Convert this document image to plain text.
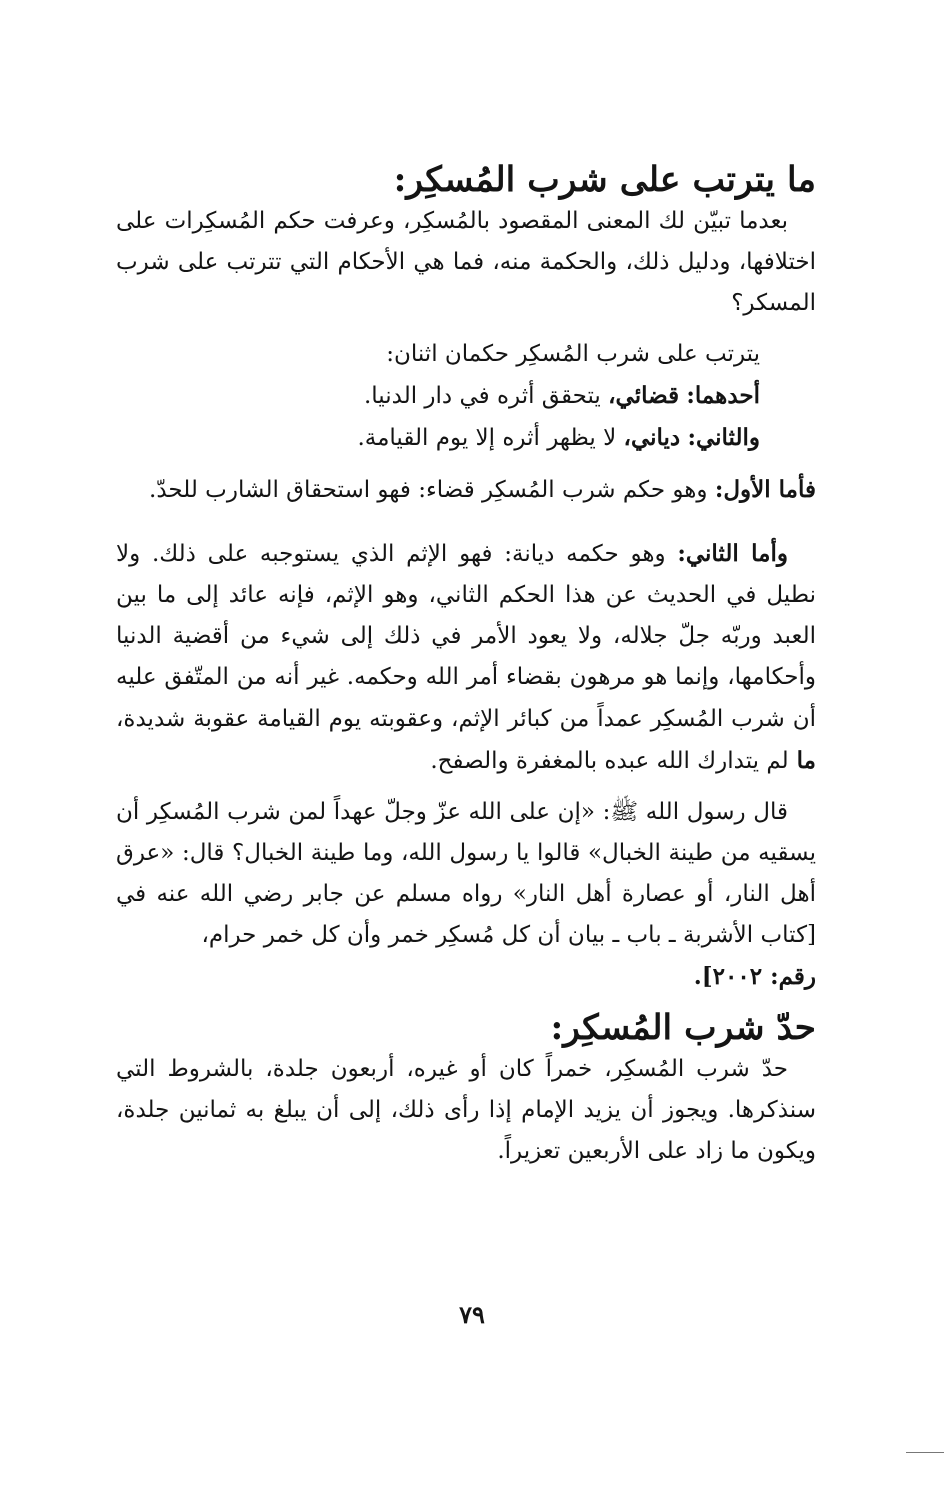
ما يترتب على شرب المُسكِر:

بعدما تبيّن لك المعنى المقصود بالمُسكِر، وعرفت حكم المُسكِرات على اختلافها، ودليل ذلك، والحكمة منه، فما هي الأحكام التي تترتب على شرب المسكر؟

يترتب على شرب المُسكِر حكمان اثنان:

أحدهما: قضائي، يتحقق أثره في دار الدنيا.

والثاني: دياني، لا يظهر أثره إلا يوم القيامة.

فأما الأول: وهو حكم شرب المُسكِر قضاء: فهو استحقاق الشارب للحدّ.

وأما الثاني: وهو حكمه ديانة: فهو الإثم الذي يستوجبه على ذلك. ولا نطيل في الحديث عن هذا الحكم الثاني، وهو الإثم، فإنه عائد إلى ما بين العبد وربّه جلّ جلاله، ولا يعود الأمر في ذلك إلى شيء من أقضية الدنيا وأحكامها، وإنما هو مرهون بقضاء أمر الله وحكمه. غير أنه من المتّفق عليه أن شرب المُسكِر عمداً من كبائر الإثم، وعقوبته يوم القيامة عقوبة شديدة، ما لم يتدارك الله عبده بالمغفرة والصفح.

قال رسول الله ﷺ: «إن على الله عزّ وجلّ عهداً لمن شرب المُسكِر أن يسقيه من طينة الخبال» قالوا يا رسول الله، وما طينة الخبال؟ قال: «عرق أهل النار، أو عصارة أهل النار» رواه مسلم عن جابر رضي الله عنه في [كتاب الأشربة ـ باب ـ بيان أن كل مُسكِر خمر وأن كل خمر حرام،
رقم: ٢٠٠٢].

حدّ شرب المُسكِر:

حدّ شرب المُسكِر، خمراً كان أو غيره، أربعون جلدة، بالشروط التي سنذكرها. ويجوز أن يزيد الإمام إذا رأى ذلك، إلى أن يبلغ به ثمانين جلدة، ويكون ما زاد على الأربعين تعزيراً.

٧٩
